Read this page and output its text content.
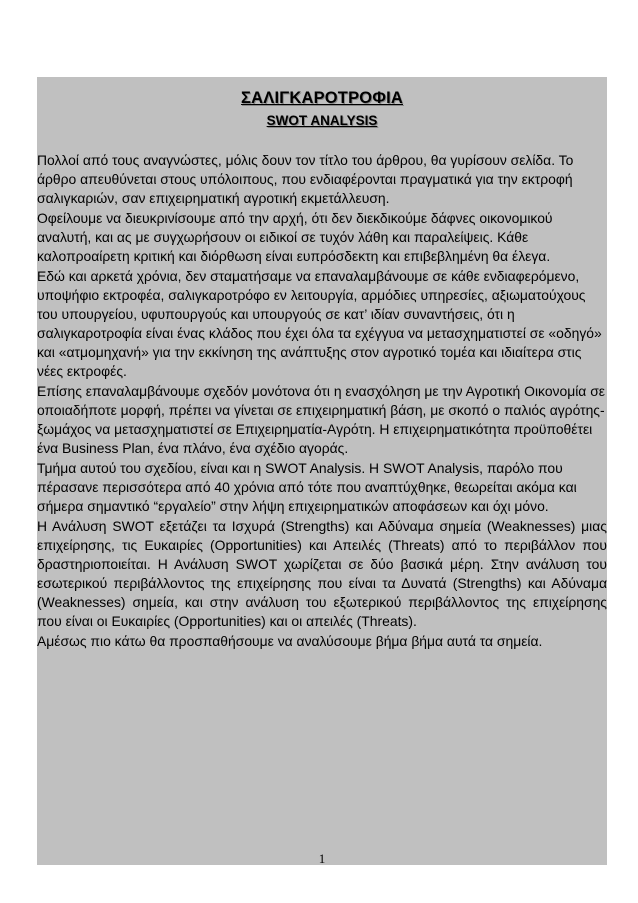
ΣΑΛΙΓΚΑΡΟΤΡΟΦΙΑ
SWOT ANALYSIS

Πολλοί από τους αναγνώστες, μόλις δουν τον τίτλο του άρθρου, θα γυρίσουν σελίδα. Το άρθρο απευθύνεται στους υπόλοιπους, που ενδιαφέρονται πραγματικά για την εκτροφή σαλιγκαριών, σαν επιχειρηματική αγροτική εκμετάλλευση.

Οφείλουμε να διευκρινίσουμε από την αρχή, ότι δεν διεκδικούμε δάφνες οικονομικού αναλυτή, και ας με συγχωρήσουν οι ειδικοί σε τυχόν λάθη και παραλείψεις. Κάθε καλοπροαίρετη κριτική και διόρθωση είναι ευπρόσδεκτη και επιβεβλημένη θα έλεγα.

Εδώ και αρκετά χρόνια, δεν σταματήσαμε να επαναλαμβάνουμε σε κάθε ενδιαφερόμενο, υποψήφιο εκτροφέα, σαλιγκαροτρόφο εν λειτουργία, αρμόδιες υπηρεσίες, αξιωματούχους του υπουργείου, υφυπουργούς και υπουργούς σε κατ’ ιδίαν συναντήσεις, ότι η σαλιγκαροτροφία είναι ένας κλάδος που έχει όλα τα εχέγγυα να μετασχηματιστεί σε «οδηγό» και «ατμομηχανή» για την εκκίνηση της ανάπτυξης στον αγροτικό τομέα και ιδιαίτερα στις νέες εκτροφές.

Επίσης επαναλαμβάνουμε σχεδόν μονότονα ότι η ενασχόληση με την Αγροτική Οικονομία σε οποιαδήποτε μορφή, πρέπει να γίνεται σε επιχειρηματική βάση, με σκοπό ο παλιός αγρότης-ξωμάχος να μετασχηματιστεί σε Επιχειρηματία-Αγρότη. Η επιχειρηματικότητα προϋποθέτει ένα Business Plan, ένα πλάνο, ένα σχέδιο αγοράς.

Τμήμα αυτού του σχεδίου, είναι και η SWOT Analysis. Η SWOT Analysis, παρόλο που πέρασανε περισσότερα από 40 χρόνια από τότε που αναπτύχθηκε, θεωρείται ακόμα και σήμερα σημαντικό “εργαλείο” στην λήψη επιχειρηματικών αποφάσεων και όχι μόνο.

Η Ανάλυση SWOT εξετάζει τα Ισχυρά (Strengths) και Αδύναμα σημεία (Weaknesses) μιας επιχείρησης, τις Ευκαιρίες (Opportunities) και Απειλές (Threats) από το περιβάλλον που δραστηριοποιείται. Η Ανάλυση SWOT χωρίζεται σε δύο βασικά μέρη. Στην ανάλυση του εσωτερικού περιβάλλοντος της επιχείρησης που είναι τα Δυνατά (Strengths) και Αδύναμα (Weaknesses) σημεία, και στην ανάλυση του εξωτερικού περιβάλλοντος της επιχείρησης που είναι οι Ευκαιρίες (Opportunities) και οι απειλές (Threats).

Αμέσως πιο κάτω θα προσπαθήσουμε να αναλύσουμε βήμα βήμα αυτά τα σημεία.

1
